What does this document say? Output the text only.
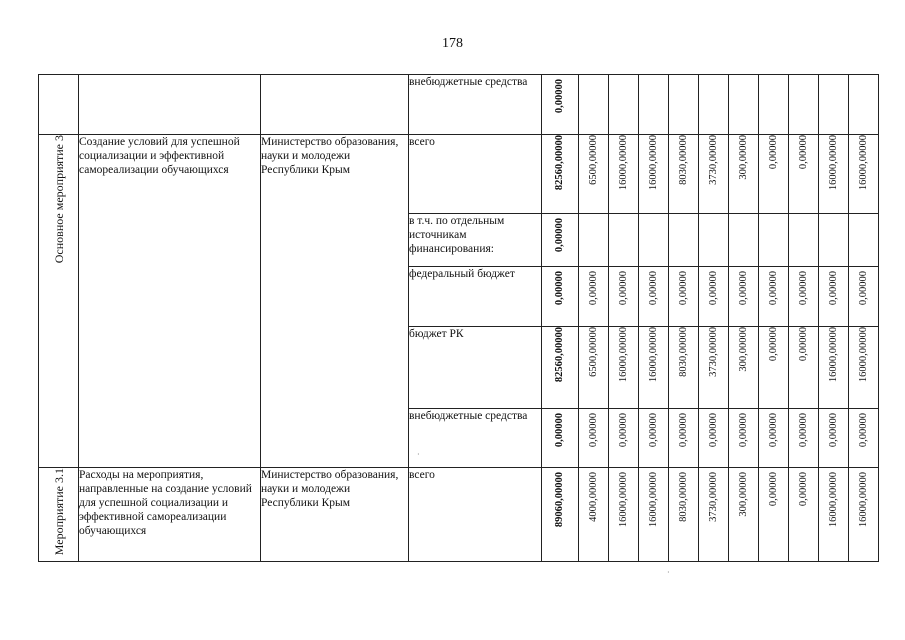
178
			внебюджетные средства	0,00000										

Основное мероприятие 3	Создание условий для успешной социализации и эффективной самореализации обучающихся	Министерство образования, науки и молодежи Республики Крым	всего	82560,00000	6500,00000	16000,00000	16000,00000	8030,00000	3730,00000	300,00000	0,00000	0,00000	16000,00000	16000,00000

			в т.ч. по отдельным источникам финансирования:	0,00000										

			федеральный бюджет	0,00000	0,00000	0,00000	0,00000	0,00000	0,00000	0,00000	0,00000	0,00000	0,00000	0,00000

			бюджет РК	82560,00000	6500,00000	16000,00000	16000,00000	8030,00000	3730,00000	300,00000	0,00000	0,00000	16000,00000	16000,00000

			внебюджетные средства	0,00000	0,00000	0,00000	0,00000	0,00000	0,00000	0,00000	0,00000	0,00000	0,00000	0,00000

Мероприятие 3.1	Расходы на мероприятия, направленные на создание условий для успешной социализации и эффективной самореализации обучающихся	Министерство образования, науки и молодежи Республики Крым	всего	89060,00000	4000,00000	16000,00000	16000,00000	8030,00000	3730,00000	300,00000	0,00000	0,00000	16000,00000	16000,00000
·
·
